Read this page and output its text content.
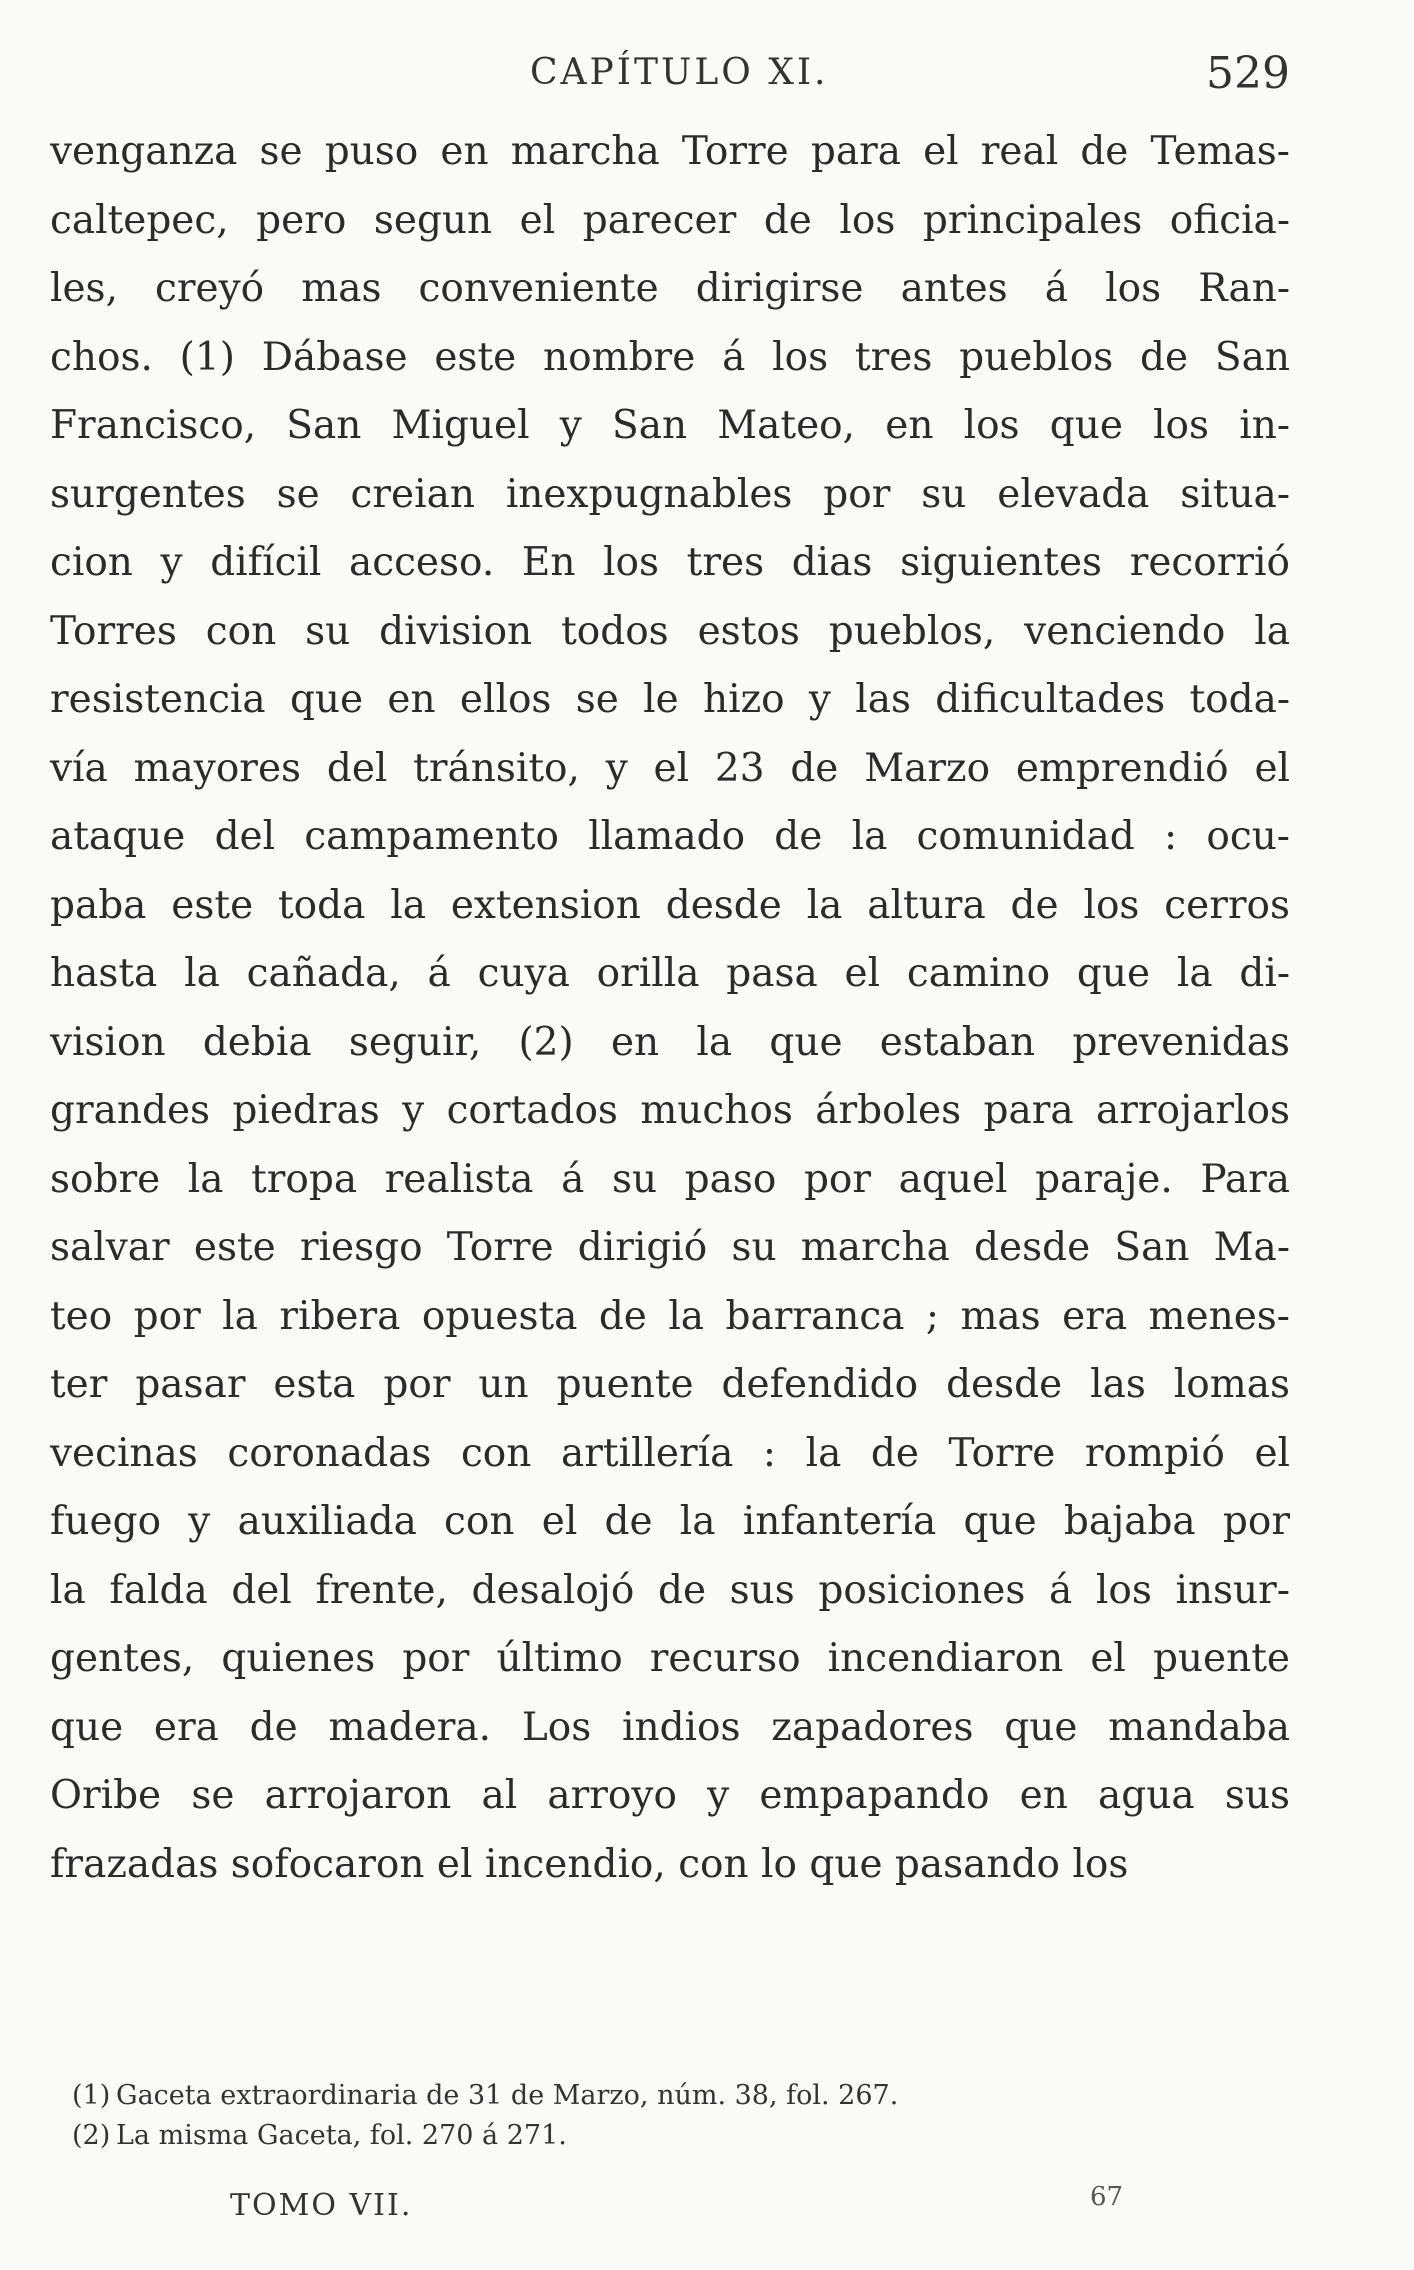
CAPÍTULO XI.	529
venganza se puso en marcha Torre para el real de Temas-
caltepec, pero segun el parecer de los principales oficia-
les, creyó mas conveniente dirigirse antes á los Ran-
chos. (1) Dábase este nombre á los tres pueblos de San
Francisco, San Miguel y San Mateo, en los que los in-
surgentes se creian inexpugnables por su elevada situa-
cion y difícil acceso. En los tres dias siguientes recorrió
Torres con su division todos estos pueblos, venciendo la
resistencia que en ellos se le hizo y las dificultades toda-
vía mayores del tránsito, y el 23 de Marzo emprendió el
ataque del campamento llamado de la comunidad : ocu-
paba este toda la extension desde la altura de los cerros
hasta la cañada, á cuya orilla pasa el camino que la di-
vision debia seguir, (2) en la que estaban prevenidas
grandes piedras y cortados muchos árboles para arrojarlos
sobre la tropa realista á su paso por aquel paraje. Para
salvar este riesgo Torre dirigió su marcha desde San Ma-
teo por la ribera opuesta de la barranca ; mas era menes-
ter pasar esta por un puente defendido desde las lomas
vecinas coronadas con artillería : la de Torre rompió el
fuego y auxiliada con el de la infantería que bajaba por
la falda del frente, desalojó de sus posiciones á los insur-
gentes, quienes por último recurso incendiaron el puente
que era de madera. Los indios zapadores que mandaba
Oribe se arrojaron al arroyo y empapando en agua sus
frazadas sofocaron el incendio, con lo que pasando los
(1) Gaceta extraordinaria de 31 de Marzo, núm. 38, fol. 267.
(2) La misma Gaceta, fol. 270 á 271.
TOMO VII.	67
